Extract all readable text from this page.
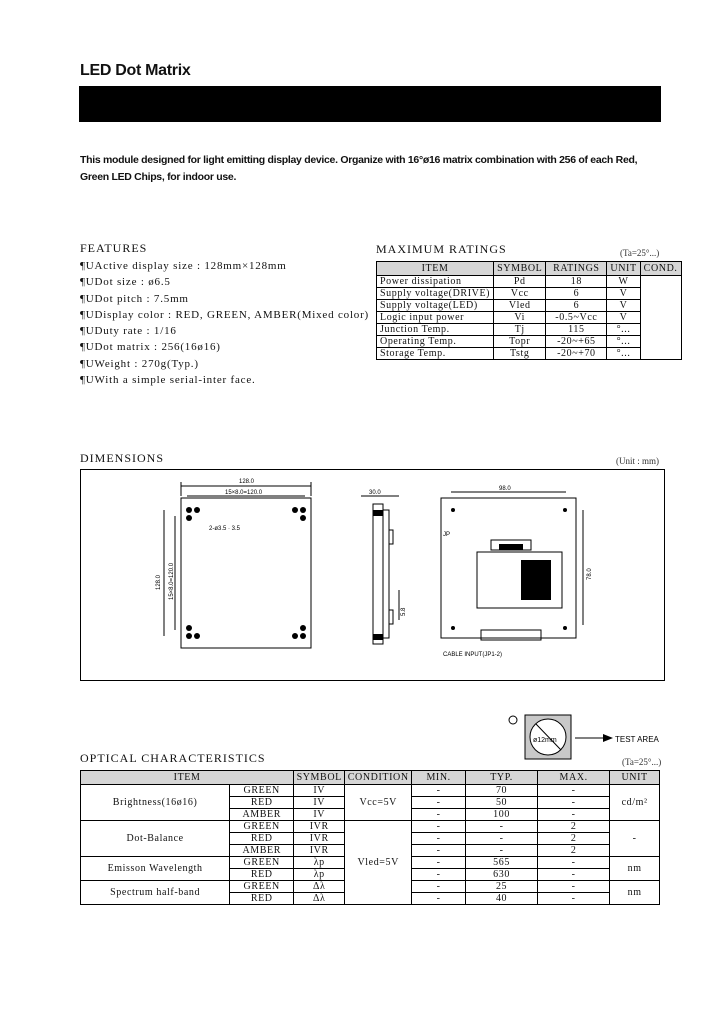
LED Dot Matrix
This module designed for light emitting display device. Organize with 16°ø16 matrix combination with 256 of each Red, Green LED Chips, for indoor use.
FEATURES
¶UActive display size : 128mm×128mm
¶UDot size : ø6.5
¶UDot pitch : 7.5mm
¶UDisplay color : RED, GREEN, AMBER(Mixed color)
¶UDuty rate : 1/16
¶UDot matrix : 256(16ø16)
¶UWeight : 270g(Typ.)
¶UWith a simple serial-inter face.
MAXIMUM RATINGS	(Ta=25°...)
ITEM	SYMBOL	RATINGS	UNIT	COND.
Power dissipation	Pd	18	W	
Supply voltage(DRIVE)	Vcc	6	V	
Supply voltage(LED)	Vled	6	V	
Logic input power	Vi	-0.5~Vcc	V	
Junction Temp.	Tj	115	°...	
Operating Temp.	Topr	-20~+65	°...	
Storage Temp.	Tstg	-20~+70	°...	
DIMENSIONS	(Unit : mm)
128.0
15×8.0=120.0
2-ø3.5 · 3.5
128.0 15×8.0=120.0
30.0
5.8
98.0
78.0
JP
CABLE INPUT(JP1-2)
ø12mm	TEST AREA
OPTICAL CHARACTERISTICS	(Ta=25°...)
ITEM		SYMBOL	CONDITION	MIN.	TYP.	MAX.	UNIT
Brightness(16ø16)	GREEN	IV	Vcc=5V	-	70	-	cd/m²
	RED	IV		-	50	-	
	AMBER	IV		-	100	-	
Dot-Balance	GREEN	IVR	Vled=5V	-	-	2	-
	RED	IVR		-	-	2	
	AMBER	IVR		-	-	2	
Emisson Wavelength	GREEN	λp		-	565	-	nm
	RED	λp		-	630	-	
Spectrum half-band	GREEN	Δλ		-	25	-	nm
	RED	Δλ		-	40	-	
